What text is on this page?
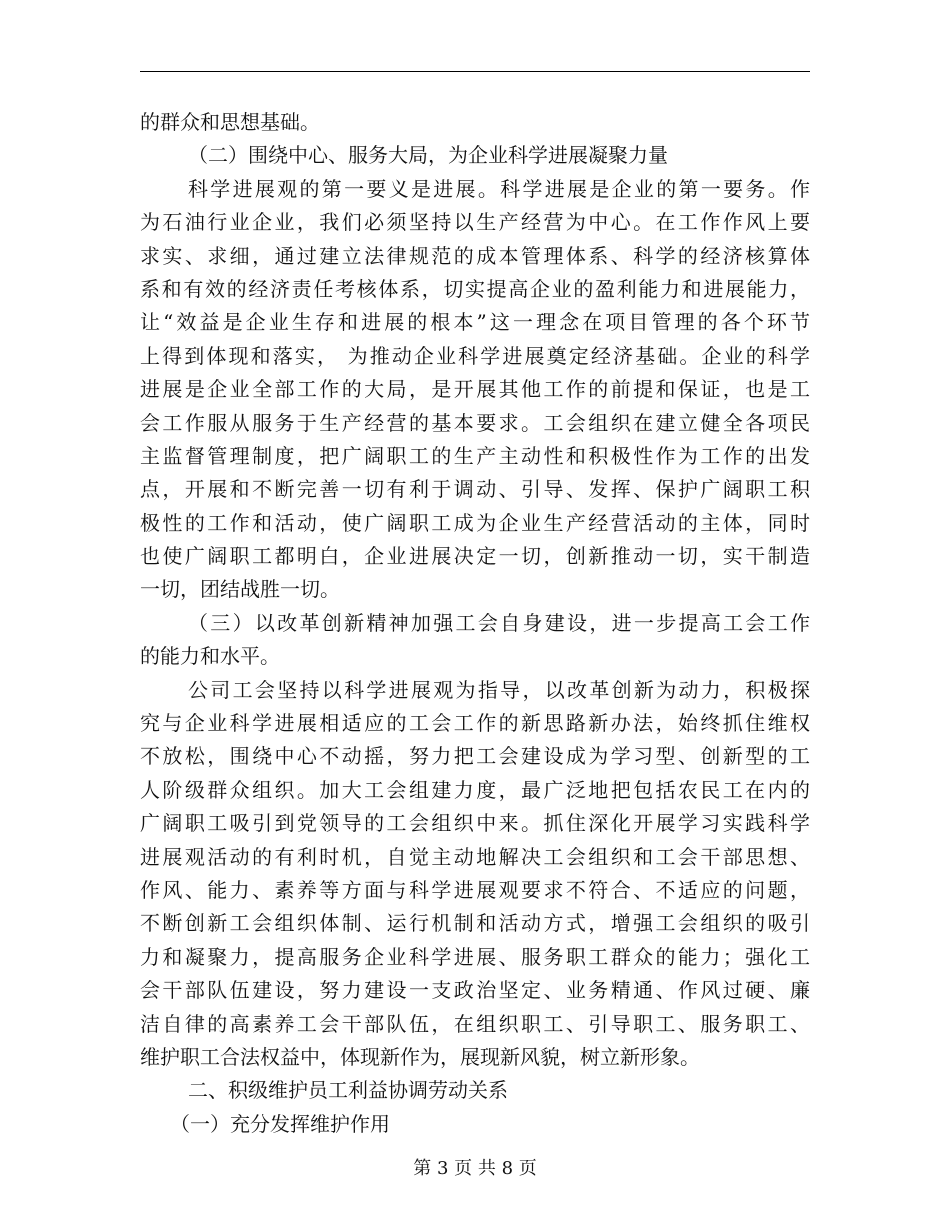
的群众和思想基础。
（二）围绕中心、服务大局，为企业科学进展凝聚力量
科学进展观的第一要义是进展。科学进展是企业的第一要务。作
为石油行业企业，我们必须坚持以生产经营为中心。在工作作风上要
求实、求细，通过建立法律规范的成本管理体系、科学的经济核算体
系和有效的经济责任考核体系，切实提高企业的盈利能力和进展能力，
让“效益是企业生存和进展的根本”这一理念在项目管理的各个环节
上得到体现和落实， 为推动企业科学进展奠定经济基础。企业的科学
进展是企业全部工作的大局，是开展其他工作的前提和保证，也是工
会工作服从服务于生产经营的基本要求。工会组织在建立健全各项民
主监督管理制度，把广阔职工的生产主动性和积极性作为工作的出发
点，开展和不断完善一切有利于调动、引导、发挥、保护广阔职工积
极性的工作和活动，使广阔职工成为企业生产经营活动的主体，同时
也使广阔职工都明白，企业进展决定一切，创新推动一切，实干制造
一切，团结战胜一切。
（三）以改革创新精神加强工会自身建设，进一步提高工会工作
的能力和水平。
公司工会坚持以科学进展观为指导，以改革创新为动力，积极探
究与企业科学进展相适应的工会工作的新思路新办法，始终抓住维权
不放松，围绕中心不动摇，努力把工会建设成为学习型、创新型的工
人阶级群众组织。加大工会组建力度，最广泛地把包括农民工在内的
广阔职工吸引到党领导的工会组织中来。抓住深化开展学习实践科学
进展观活动的有利时机，自觉主动地解决工会组织和工会干部思想、
作风、能力、素养等方面与科学进展观要求不符合、不适应的问题，
不断创新工会组织体制、运行机制和活动方式，增强工会组织的吸引
力和凝聚力，提高服务企业科学进展、服务职工群众的能力；强化工
会干部队伍建设，努力建设一支政治坚定、业务精通、作风过硬、廉
洁自律的高素养工会干部队伍，在组织职工、引导职工、服务职工、
维护职工合法权益中，体现新作为，展现新风貌，树立新形象。
二、积级维护员工利益协调劳动关系
（一）充分发挥维护作用
第 3 页 共 8 页
